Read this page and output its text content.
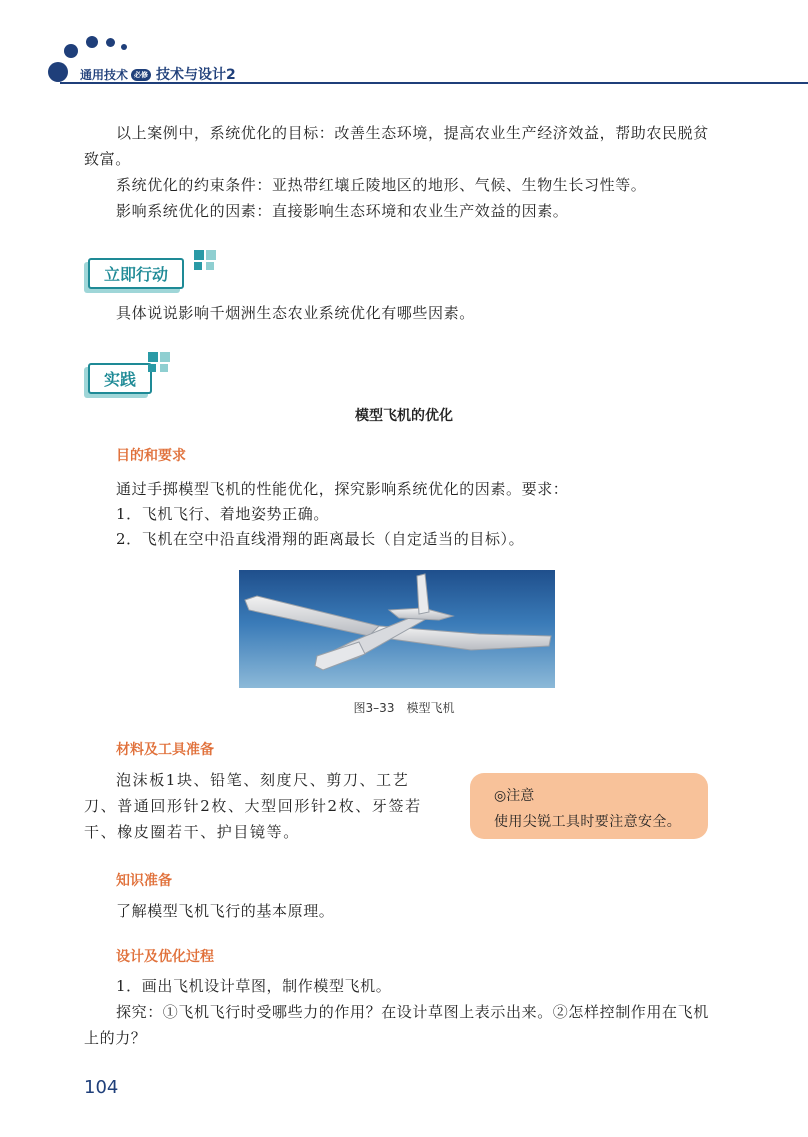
通用技术 必修 技术与设计2

以上案例中，系统优化的目标：改善生态环境，提高农业生产经济效益，帮助农民脱贫致富。

系统优化的约束条件：亚热带红壤丘陵地区的地形、气候、生物生长习性等。

影响系统优化的因素：直接影响生态环境和农业生产效益的因素。

立即行动

具体说说影响千烟洲生态农业系统优化有哪些因素。

实践
模型飞机的优化
目的和要求

通过手掷模型飞机的性能优化，探究影响系统优化的因素。要求：

1．飞机飞行、着地姿势正确。

2．飞机在空中沿直线滑翔的距离最长（自定适当的目标）。

图3–33　模型飞机
材料及工具准备

泡沫板1块、铅笔、刻度尺、剪刀、工艺刀、普通回形针2枚、大型回形针2枚、牙签若干、橡皮圈若干、护目镜等。

◎注意
使用尖锐工具时要注意安全。
知识准备

了解模型飞机飞行的基本原理。

设计及优化过程

1．画出飞机设计草图，制作模型飞机。

探究：①飞机飞行时受哪些力的作用？在设计草图上表示出来。②怎样控制作用在飞机上的力？

104
